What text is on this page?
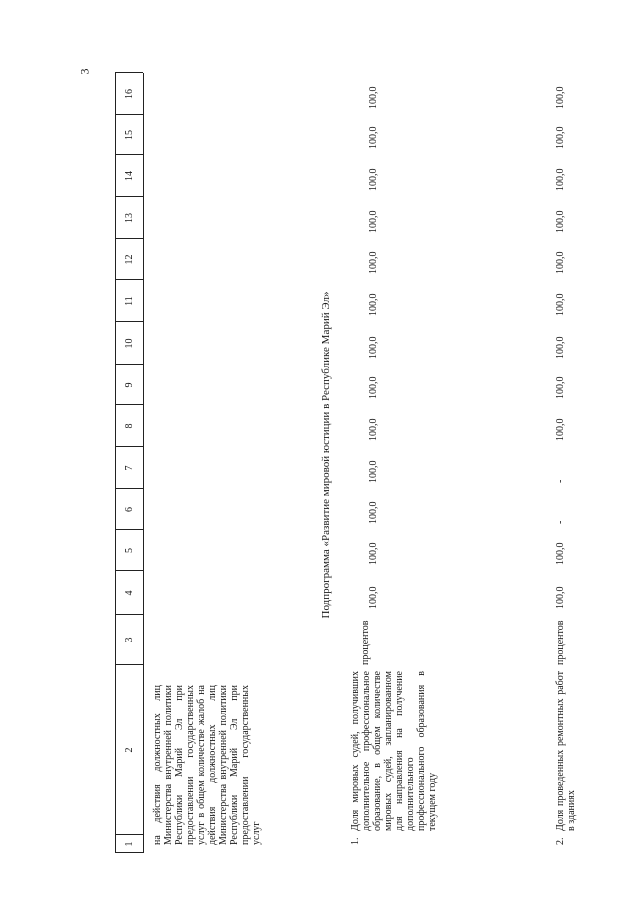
3
1
2
3
4
5
6
7
8
9
10
11
12
13
14
15
16
на действия должностных лиц Министерства внутренней политики Республики Марий Эл при предоставлении государственных услуг в общем количестве жалоб на действия должностных лиц Министерства внутренней политики Республики Марий Эл при предоставлении государственных услуг
Подпрограмма «Развитие мировой юстиции в Республике Марий Эл»
1.
Доля мировых судей, получивших дополнительное профессиональное образование, в общем количестве мировых судей, запланированном для направления на получение дополнительного профессионального образования в текущем году
процентов
100,0
100,0
100,0
100,0
100,0
100,0
100,0
100,0
100,0
100,0
100,0
100,0
100,0
2.
Доля проведенных ремонтных работ в зданиях
процентов
100,0
100,0
-
-
100,0
100,0
100,0
100,0
100,0
100,0
100,0
100,0
100,0
